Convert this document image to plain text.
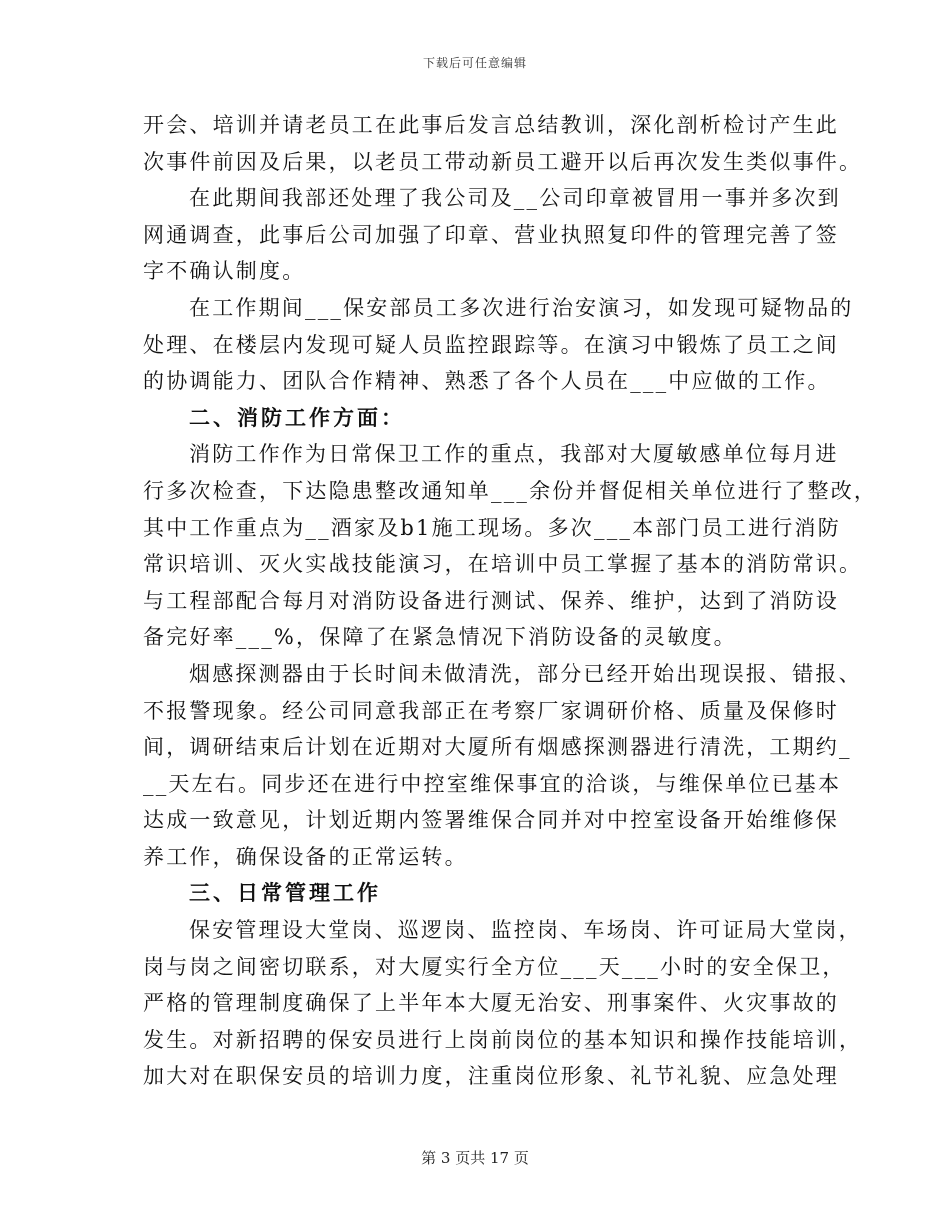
下载后可任意编辑
开会、培训并请老员工在此事后发言总结教训，深化剖析检讨产生此
次事件前因及后果，以老员工带动新员工避开以后再次发生类似事件。
在此期间我部还处理了我公司及__公司印章被冒用一事并多次到
网通调查，此事后公司加强了印章、营业执照复印件的管理完善了签
字不确认制度。
在工作期间___保安部员工多次进行治安演习，如发现可疑物品的
处理、在楼层内发现可疑人员监控跟踪等。在演习中锻炼了员工之间
的协调能力、团队合作精神、熟悉了各个人员在___中应做的工作。
二、消防工作方面：
消防工作作为日常保卫工作的重点，我部对大厦敏感单位每月进
行多次检查，下达隐患整改通知单___余份并督促相关单位进行了整改，
其中工作重点为__酒家及b1施工现场。多次___本部门员工进行消防
常识培训、灭火实战技能演习，在培训中员工掌握了基本的消防常识。
与工程部配合每月对消防设备进行测试、保养、维护，达到了消防设
备完好率___%，保障了在紧急情况下消防设备的灵敏度。
烟感探测器由于长时间未做清洗，部分已经开始出现误报、错报、
不报警现象。经公司同意我部正在考察厂家调研价格、质量及保修时
间，调研结束后计划在近期对大厦所有烟感探测器进行清洗，工期约_
__天左右。同步还在进行中控室维保事宜的洽谈，与维保单位已基本
达成一致意见，计划近期内签署维保合同并对中控室设备开始维修保
养工作，确保设备的正常运转。
三、日常管理工作
保安管理设大堂岗、巡逻岗、监控岗、车场岗、许可证局大堂岗，
岗与岗之间密切联系，对大厦实行全方位___天___小时的安全保卫，
严格的管理制度确保了上半年本大厦无治安、刑事案件、火灾事故的
发生。对新招聘的保安员进行上岗前岗位的基本知识和操作技能培训，
加大对在职保安员的培训力度，注重岗位形象、礼节礼貌、应急处理
第 3 页共 17 页
